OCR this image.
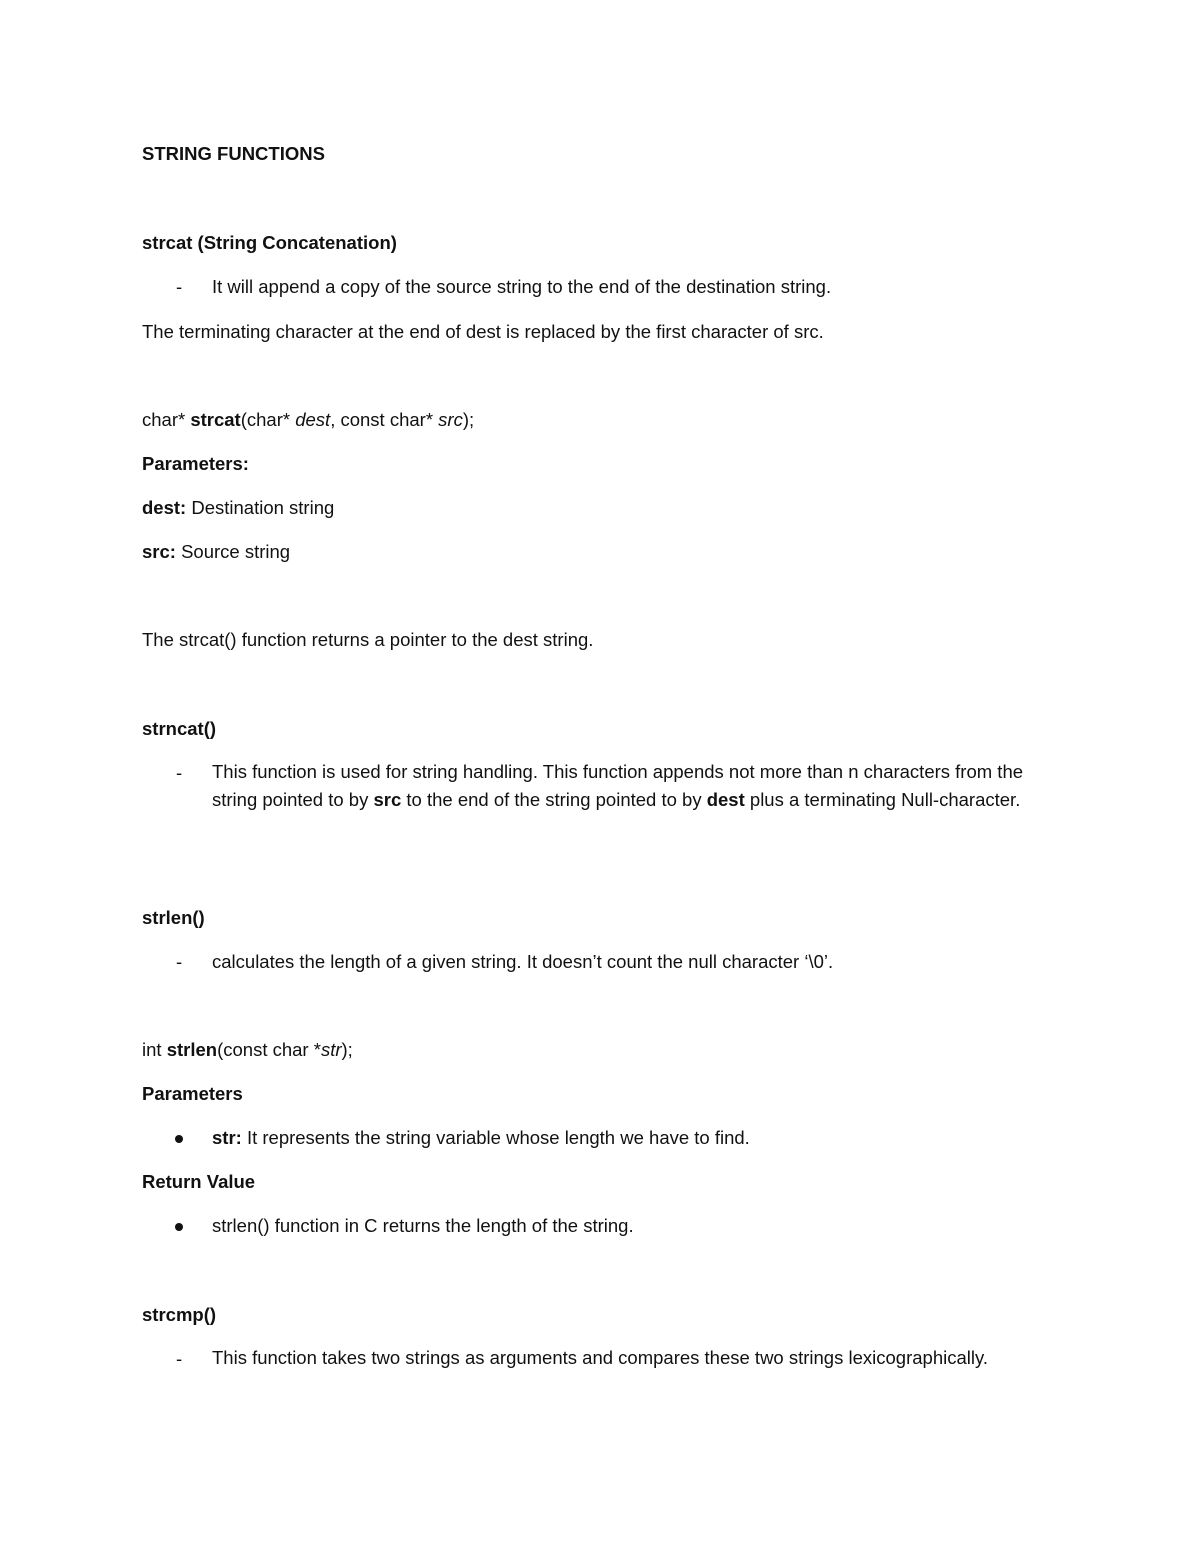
STRING FUNCTIONS
strcat (String Concatenation)
- It will append a copy of the source string to the end of the destination string.
The terminating character at the end of dest is replaced by the first character of src.
char* strcat(char* dest, const char* src);
Parameters:
dest: Destination string
src: Source string
The strcat() function returns a pointer to the dest string.
strncat()
- This function is used for string handling. This function appends not more than n characters from the string pointed to by src to the end of the string pointed to by dest plus a terminating Null-character.
strlen()
- calculates the length of a given string. It doesn’t count the null character ‘\0’.
int strlen(const char *str);
Parameters
str: It represents the string variable whose length we have to find.
Return Value
strlen() function in C returns the length of the string.
strcmp()
- This function takes two strings as arguments and compares these two strings lexicographically.
